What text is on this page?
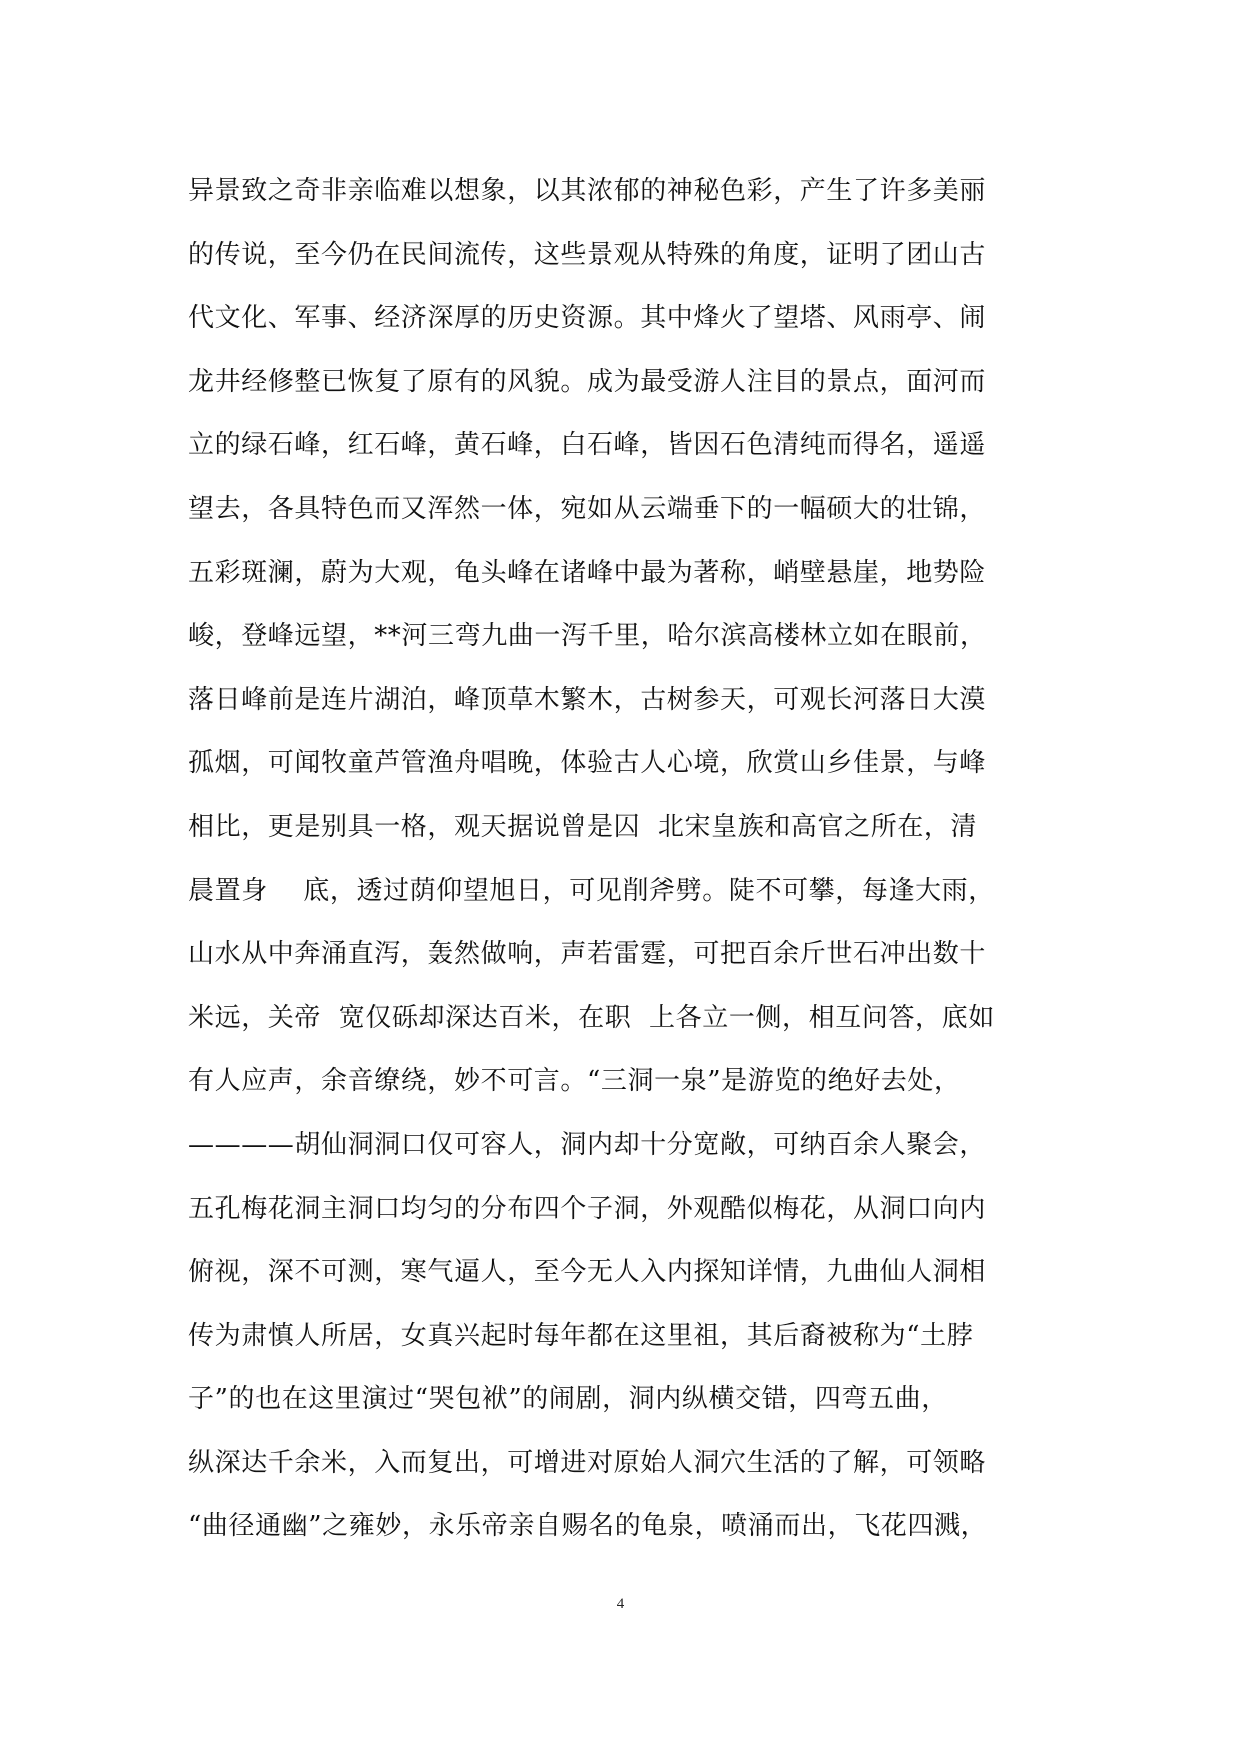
异景致之奇非亲临难以想象，以其浓郁的神秘色彩，产生了许多美丽
的传说，至今仍在民间流传，这些景观从特殊的角度，证明了团山古
代文化、军事、经济深厚的历史资源。其中烽火了望塔、风雨亭、闹
龙井经修整已恢复了原有的风貌。成为最受游人注目的景点，面河而
立的绿石峰，红石峰，黄石峰，白石峰，皆因石色清纯而得名，遥遥
望去，各具特色而又浑然一体，宛如从云端垂下的一幅硕大的壮锦，
五彩斑澜，蔚为大观，龟头峰在诸峰中最为著称，峭壁悬崖，地势险
峻，登峰远望，**河三弯九曲一泻千里，哈尔滨高楼林立如在眼前，
落日峰前是连片湖泊，峰顶草木繁木，古树参天，可观长河落日大漠
孤烟，可闻牧童芦管渔舟唱晚，体验古人心境，欣赏山乡佳景，与峰
相比，更是别具一格，观天据说曾是囚  北宋皇族和高官之所在，清
晨置身    底，透过荫仰望旭日，可见削斧劈。陡不可攀，每逢大雨，
山水从中奔涌直泻，轰然做响，声若雷霆，可把百余斤世石冲出数十
米远，关帝  宽仅砾却深达百米，在职  上各立一侧，相互问答，底如
有人应声，余音缭绕，妙不可言。“三洞一泉”是游览的绝好去处，
————胡仙洞洞口仅可容人，洞内却十分宽敞，可纳百余人聚会，
五孔梅花洞主洞口均匀的分布四个子洞，外观酷似梅花，从洞口向内
俯视，深不可测，寒气逼人，至今无人入内探知详情，九曲仙人洞相
传为肃慎人所居，女真兴起时每年都在这里祖，其后裔被称为“土脖
子”的也在这里演过“哭包袱”的闹剧，洞内纵横交错，四弯五曲，
纵深达千余米，入而复出，可增进对原始人洞穴生活的了解，可领略
“曲径通幽”之雍妙，永乐帝亲自赐名的龟泉，喷涌而出，飞花四溅，
4
